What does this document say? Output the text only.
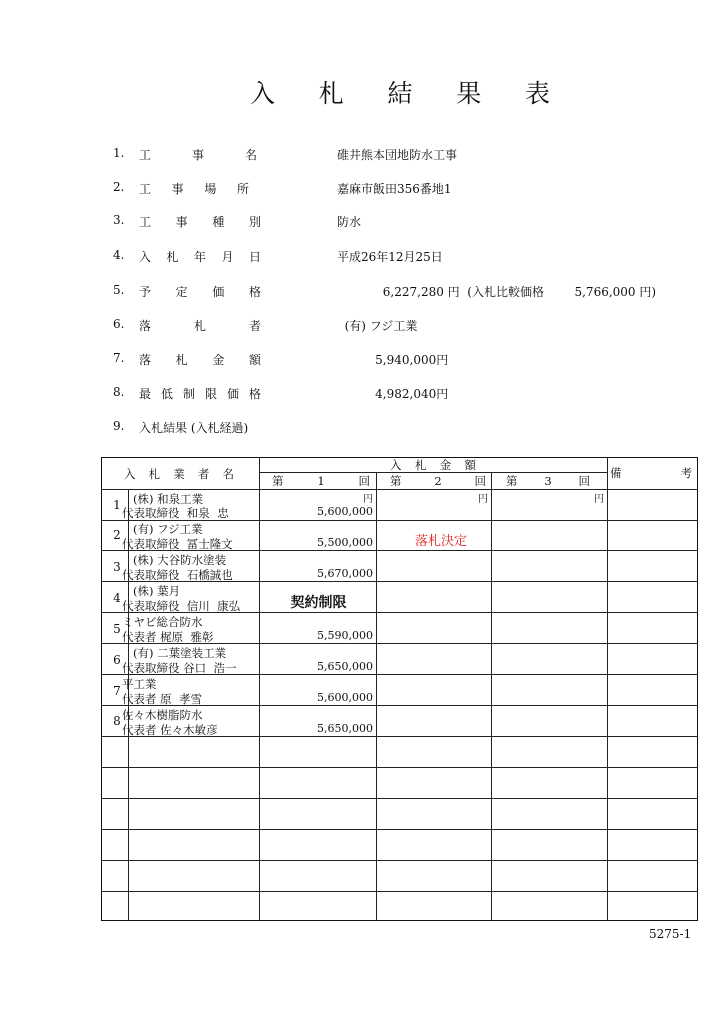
入 札 結 果 表
1. 工	事	名	碓井熊本団地防水工事
2. 工 事 場 所	嘉麻市飯田356番地1
3. 工 事 種 別	防水
4. 入 札 年 月 日	平成26年12月25日
5. 予 定 価 格	6,227,280 円  (入札比較価格        5,766,000 円)
6. 落	札	者	(有) フジ工業
7. 落 札 金 額	5,940,000円
8. 最 低 制 限 価 格	4,982,040円
9. 入札結果 (入札経過)
入 札 業 者 名
入 札 金 額
備	考
第	1	回 第	2	回 第 3 回
円	円	円
1	(株) 和泉工業
代表取締役  和泉  忠	5,600,000
2	(有) フジ工業
代表取締役  冨士隆文	5,500,000	落札決定
3	(株) 大谷防水塗装
代表取締役  石橋誠也	5,670,000
4	(株) 葉月
代表取締役  信川  康弘	契約制限
5 ミヤビ総合防水
代表者 梶原  雅彰	5,590,000
6	(有) 二葉塗装工業
代表取締役 谷口  浩一	5,650,000
7 平工業
代表者 原  孝雪	5,600,000
8 佐々木樹脂防水
代表者 佐々木敏彦	5,650,000
5275-1
